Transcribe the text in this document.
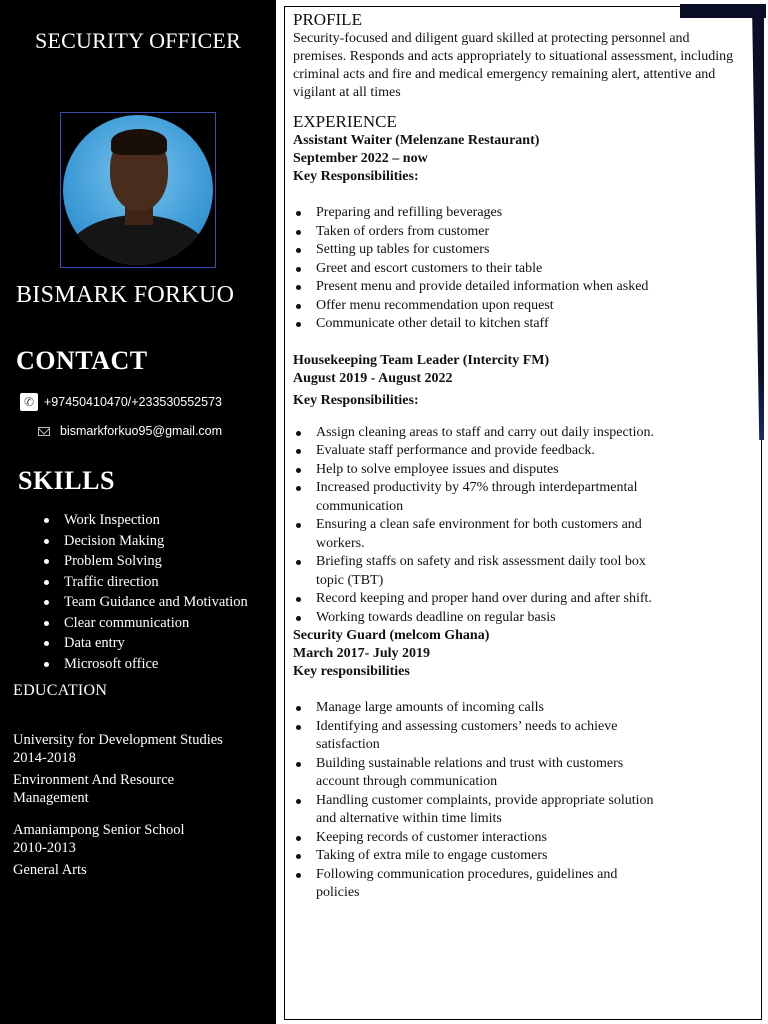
SECURITY OFFICER
BISMARK FORKUO
CONTACT
✆ +97450410470/+233530552573
bismarkforkuo95@gmail.com
SKILLS
Work Inspection
Decision Making
Problem Solving
Traffic direction
Team Guidance and Motivation
Clear communication
Data entry
Microsoft office
EDUCATION
University for Development Studies
2014-2018
Environment And Resource
Management
Amaniampong Senior School
2010-2013
General Arts
PROFILE

Security-focused and diligent guard skilled at protecting personnel and premises. Responds and acts appropriately to situational assessment, including criminal acts and fire and medical emergency remaining alert, attentive and vigilant at all times

EXPERIENCE
Assistant Waiter (Melenzane Restaurant)
September 2022 – now
Key Responsibilities:
Preparing and refilling beverages
Taken of orders from customer
Setting up tables for customers
Greet and escort customers to their table
Present menu and provide detailed information when asked
Offer menu recommendation upon request
Communicate other detail to kitchen staff
Housekeeping Team Leader (Intercity FM)
August 2019 - August 2022
Key Responsibilities:
Assign cleaning areas to staff and carry out daily inspection.
Evaluate staff performance and provide feedback.
Help to solve employee issues and disputes
Increased productivity by 47% through interdepartmental communication
Ensuring a clean safe environment for both customers and workers.
Briefing staffs on safety and risk assessment daily tool box topic (TBT)
Record keeping and proper hand over during and after shift.
Working towards deadline on regular basis
Security Guard (melcom Ghana)
March 2017- July 2019
Key responsibilities
Manage large amounts of incoming calls
Identifying and assessing customers’ needs to achieve satisfaction
Building sustainable relations and trust with customers account through communication
Handling customer complaints, provide appropriate solution and alternative within time limits
Keeping records of customer interactions
Taking of extra mile to engage customers
Following communication procedures, guidelines and policies
